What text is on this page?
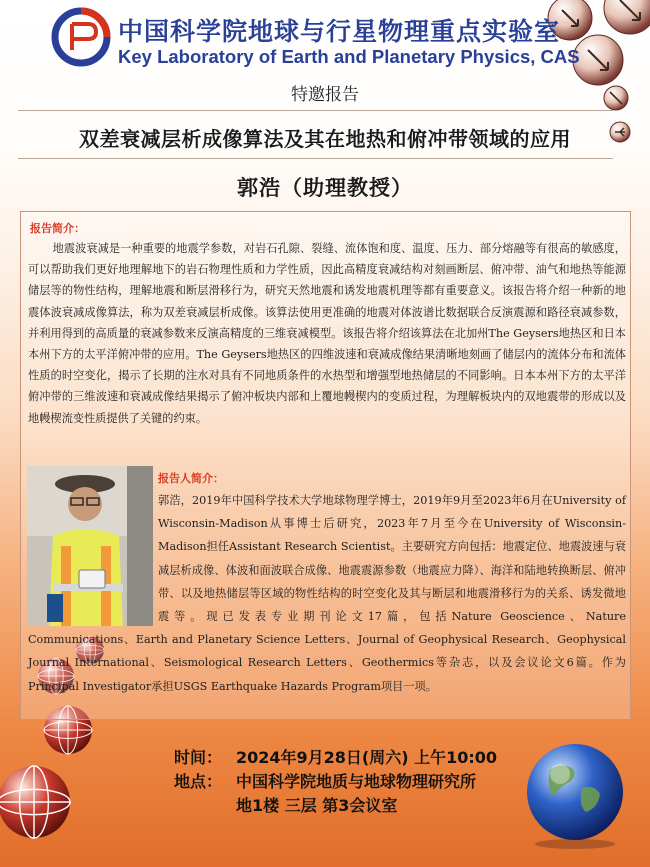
中国科学院地球与行星物理重点实验室
Key Laboratory of Earth and Planetary Physics, CAS
特邀报告
双差衰减层析成像算法及其在地热和俯冲带领域的应用
郭浩（助理教授）
报告简介：
地震波衰减是一种重要的地震学参数，对岩石孔隙、裂缝、流体饱和度、温度、压力、部分熔融等有很高的敏感度，可以帮助我们更好地理解地下的岩石物理性质和力学性质，因此高精度衰减结构对刻画断层、俯冲带、油气和地热等能源储层等的物性结构，理解地震和断层滑移行为，研究天然地震和诱发地震机理等都有重要意义。该报告将介绍一种新的地震体波衰减成像算法，称为双差衰减层析成像。该算法使用更准确的地震对体波谱比数据联合反演震源和路径衰减参数，并利用得到的高质量的衰减参数来反演高精度的三维衰减模型。该报告将介绍该算法在北加州The Geysers地热区和日本本州下方的太平洋俯冲带的应用。The Geysers地热区的四维波速和衰减成像结果清晰地刻画了储层内的流体分布和流体性质的时空变化，揭示了长期的注水对具有不同地质条件的水热型和增强型地热储层的不同影响。日本本州下方的太平洋俯冲带的三维波速和衰减成像结果揭示了俯冲板块内部和上覆地幔楔内的变质过程，为理解板块内的双地震带的形成以及地幔楔流变性质提供了关键的约束。
报告人简介：
郭浩，2019年中国科学技术大学地球物理学博士，2019年9月至2023年6月在University of Wisconsin-Madison从事博士后研究，2023年7月至今在University of Wisconsin-Madison担任Assistant Research Scientist。主要研究方向包括：地震定位、地震波速与衰减层析成像、体波和面波联合成像、地震震源参数（地震应力降）、海洋和陆地转换断层、俯冲带、以及地热储层等区域的物性结构的时空变化及其与断层和地震滑移行为的关系、诱发微地震等。现已发表专业期刊论文17篇，包括Nature Geoscience、Nature Communications、Earth and Planetary Science Letters、Journal of Geophysical Research、Geophysical Journal International、Seismological Research Letters、Geothermics等杂志，以及会议论文6篇。作为Principal Investigator承担USGS Earthquake Hazards Program项目一项。
时间： 2024年9月28日(周六) 上午10:00
地点： 中国科学院地质与地球物理研究所
地1楼 三层 第3会议室
